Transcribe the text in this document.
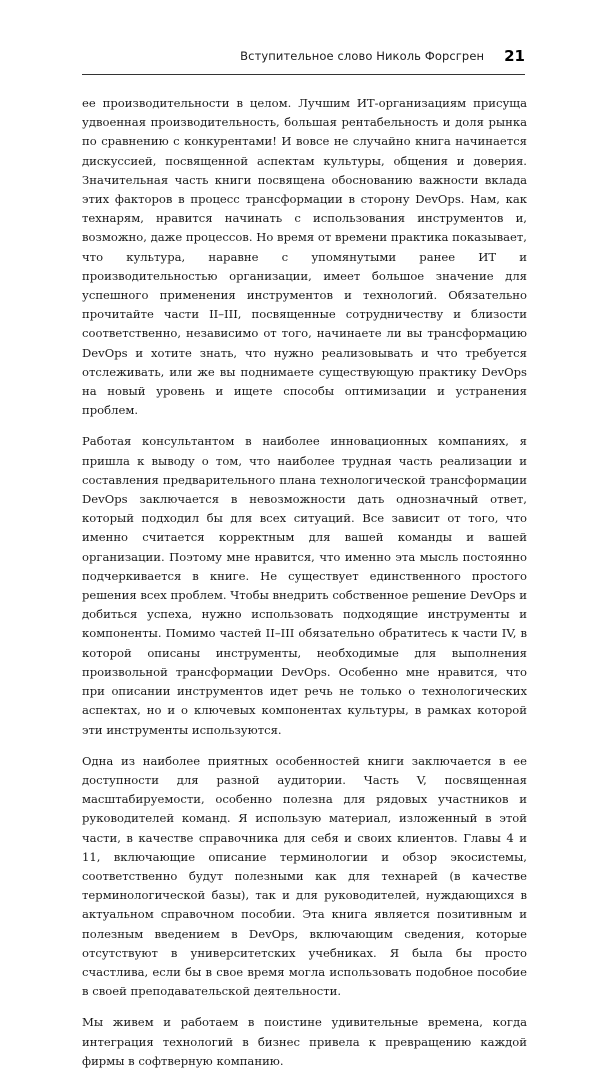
Вступительное слово Николь Форсгрен 21

ее производительности в целом. Лучшим ИТ-организациям присуща удвоенная производительность, большая рентабельность и доля рынка по сравнению с конкурентами! И вовсе не случайно книга начинается дискуссией, посвященной аспектам культуры, общения и доверия. Значительная часть книги посвящена обоснованию важности вклада этих факторов в процесс трансформации в сторону DevOps. Нам, как технарям, нравится начинать с использования инструментов и, возможно, даже процессов. Но время от времени практика показывает, что культура, наравне с упомянутыми ранее ИТ и производительностью организации, имеет большое значение для успешного применения инструментов и технологий. Обязательно прочитайте части II–III, посвященные сотрудничеству и близости соответственно, независимо от того, начинаете ли вы трансформацию DevOps и хотите знать, что нужно реализовывать и что требуется отслеживать, или же вы поднимаете существующую практику DevOps на новый уровень и ищете способы оптимизации и устранения проблем.

Работая консультантом в наиболее инновационных компаниях, я пришла к выводу о том, что наиболее трудная часть реализации и составления предварительного плана технологической трансформации DevOps заключается в невозможности дать однозначный ответ, который подходил бы для всех ситуаций. Все зависит от того, что именно считается корректным для вашей команды и вашей организации. Поэтому мне нравится, что именно эта мысль постоянно подчеркивается в книге. Не существует единственного простого решения всех проблем. Чтобы внедрить собственное решение DevOps и добиться успеха, нужно использовать подходящие инструменты и компоненты. Помимо частей II–III обязательно обратитесь к части IV, в которой описаны инструменты, необходимые для выполнения произвольной трансформации DevOps. Особенно мне нравится, что при описании инструментов идет речь не только о технологических аспектах, но и о ключевых компонентах культуры, в рамках которой эти инструменты используются.

Одна из наиболее приятных особенностей книги заключается в ее доступности для разной аудитории. Часть V, посвященная масштабируемости, особенно полезна для рядовых участников и руководителей команд. Я использую материал, изложенный в этой части, в качестве справочника для себя и своих клиентов. Главы 4 и 11, включающие описание терминологии и обзор экосистемы, соответственно будут полезными как для технарей (в качестве терминологической базы), так и для руководителей, нуждающихся в актуальном справочном пособии. Эта книга является позитивным и полезным введением в DevOps, включающим сведения, которые отсутствуют в университетских учебниках. Я была бы просто счастлива, если бы в свое время могла использовать подобное пособие в своей преподавательской деятельности.

Мы живем и работаем в поистине удивительные времена, когда интеграция технологий в бизнес привела к превращению каждой фирмы в софтверную компанию.
